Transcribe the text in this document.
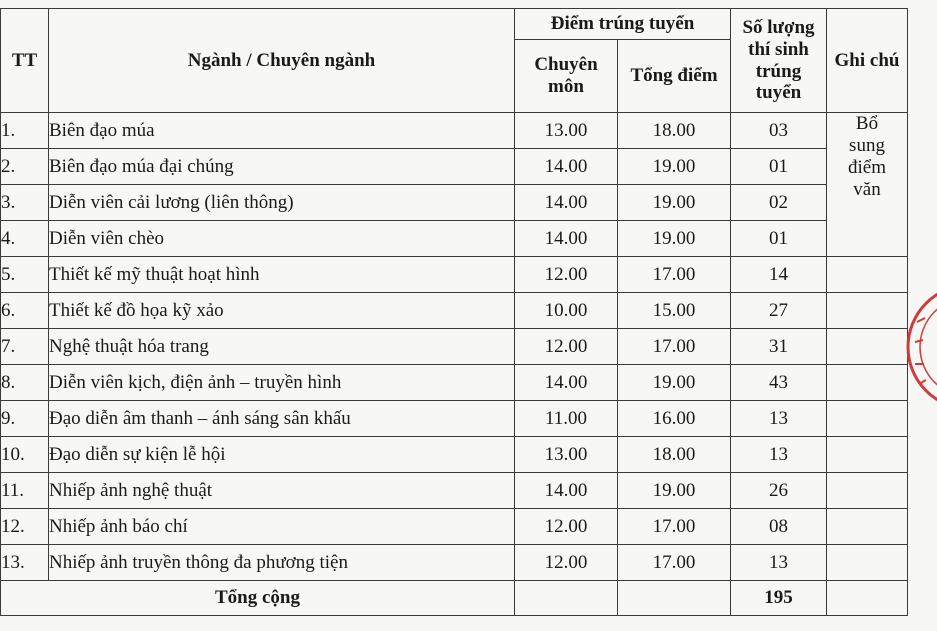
TT	Ngành / Chuyên ngành	Điểm trúng tuyển		Số lượng thí sinh trúng tuyển	Ghi chú	
		Chuyên môn	Tổng điểm			
1.	Biên đạo múa	13.00	18.00	03	Bổ
sung
điểm
văn	

2.	Biên đạo múa đại chúng	14.00	19.00	01		
3.	Diễn viên cải lương (liên thông)	14.00	19.00	02		
4.	Diễn viên chèo	14.00	19.00	01		
5.	Thiết kế mỹ thuật hoạt hình	12.00	17.00	14		
6.	Thiết kế đồ họa kỹ xảo	10.00	15.00	27		
7.	Nghệ thuật hóa trang	12.00	17.00	31		
8.	Diễn viên kịch, điện ảnh – truyền hình	14.00	19.00	43		
9.	Đạo diễn âm thanh – ánh sáng sân khấu	11.00	16.00	13		
10.	Đạo diễn sự kiện lễ hội	13.00	18.00	13		
11.	Nhiếp ảnh nghệ thuật	14.00	19.00	26		
12.	Nhiếp ảnh báo chí	12.00	17.00	08		
13.	Nhiếp ảnh truyền thông đa phương tiện	12.00	17.00	13		
Tổng cộng				195		
